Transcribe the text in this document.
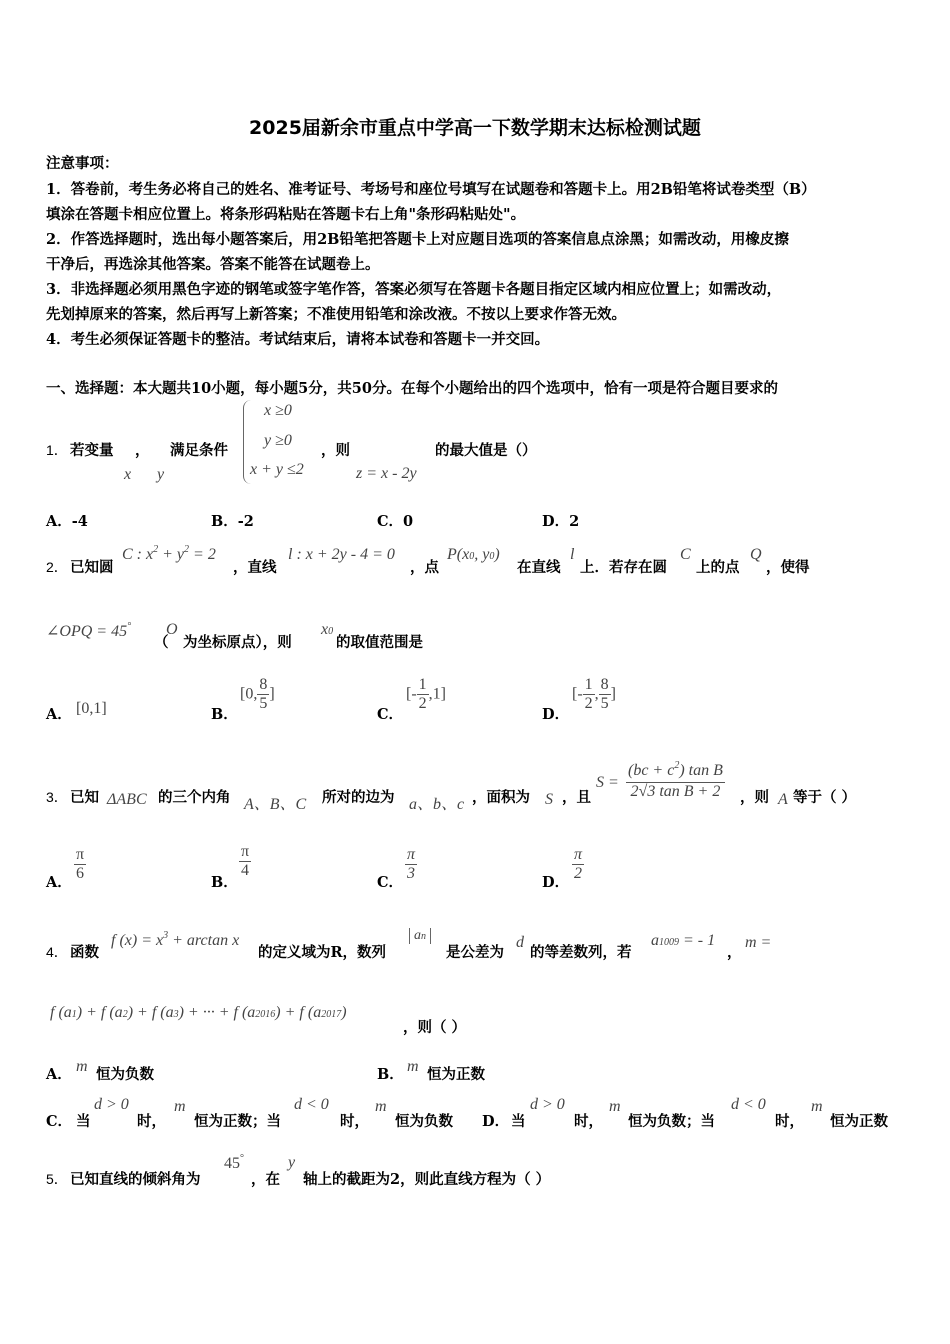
2025届新余市重点中学高一下数学期末达标检测试题
注意事项：
1．答卷前，考生务必将自己的姓名、准考证号、考场号和座位号填写在试题卷和答题卡上。用2B铅笔将试卷类型（B）
填涂在答题卡相应位置上。将条形码粘贴在答题卡右上角"条形码粘贴处"。
2．作答选择题时，选出每小题答案后，用2B铅笔把答题卡上对应题目选项的答案信息点涂黑；如需改动，用橡皮擦
干净后，再选涂其他答案。答案不能答在试题卷上。
3．非选择题必须用黑色字迹的钢笔或签字笔作答，答案必须写在答题卡各题目指定区域内相应位置上；如需改动，
先划掉原来的答案，然后再写上新答案；不准使用铅笔和涂改液。不按以上要求作答无效。
4．考生必须保证答题卡的整洁。考试结束后，请将本试卷和答题卡一并交回。
一、选择题：本大题共10小题，每小题5分，共50分。在每个小题给出的四个选项中，恰有一项是符合题目要求的
1． 若变量 ， 满足条件
x y
x ≥0
y ≥0
x + y ≤2
，则
z = x - 2y
的最大值是（）
A．-4	B．-2	C．0	D．2
2． 已知圆
C : $x^2 + y^2 = 2$
，直线
l : x + 2y - 4 = 0
，点
P(x0, y0)
在直线
l
上．若存在圆
C
上的点
Q
，使得
∠OPQ = 45°
（
O
为坐标原点），则
x0
的取值范围是
A． [0,1]	B．
[0, $\frac{8}{5}$ ]
C．
[- $\frac{1}{2} ,1$]
D．
[- $\frac{1}{2}$ , $\frac{8}{5}$ ]
3． 已知 ΔABC 的三个内角 A、B、C 所对的边为 a、b、c ，面积为 S ，且
$S = \frac{(bc + c^2) \tan B}{\text{2√3 tan B + 2}}$ ，则 A 等于（ ）
A． $\frac{\pi}{6}$	B．
$\frac{\pi}{4}$
C． $\frac{\pi}{3}$	D． $\frac{\pi}{2}$
4． 函数
f $(x) = x^3 + \arctan x$
的定义域为R，数列
an
是公差为
d
的等差数列，若
a1009 = - 1
，
m =
f (a1) + f (a2) + f (a3) + ··· + f (a2016) + f (a2017)
，则（ ）
A． m 恒为负数	B． m 恒为正数
C． 当
d > 0
时，
m
恒为正数；当
d < 0
时，
m
恒为负数 D． 当
d > 0
时，
m
恒为负数；当
d < 0
时，
m
恒为正数
5． 已知直线的倾斜角为
45°
，在
y
轴上的截距为2，则此直线方程为（ ）
